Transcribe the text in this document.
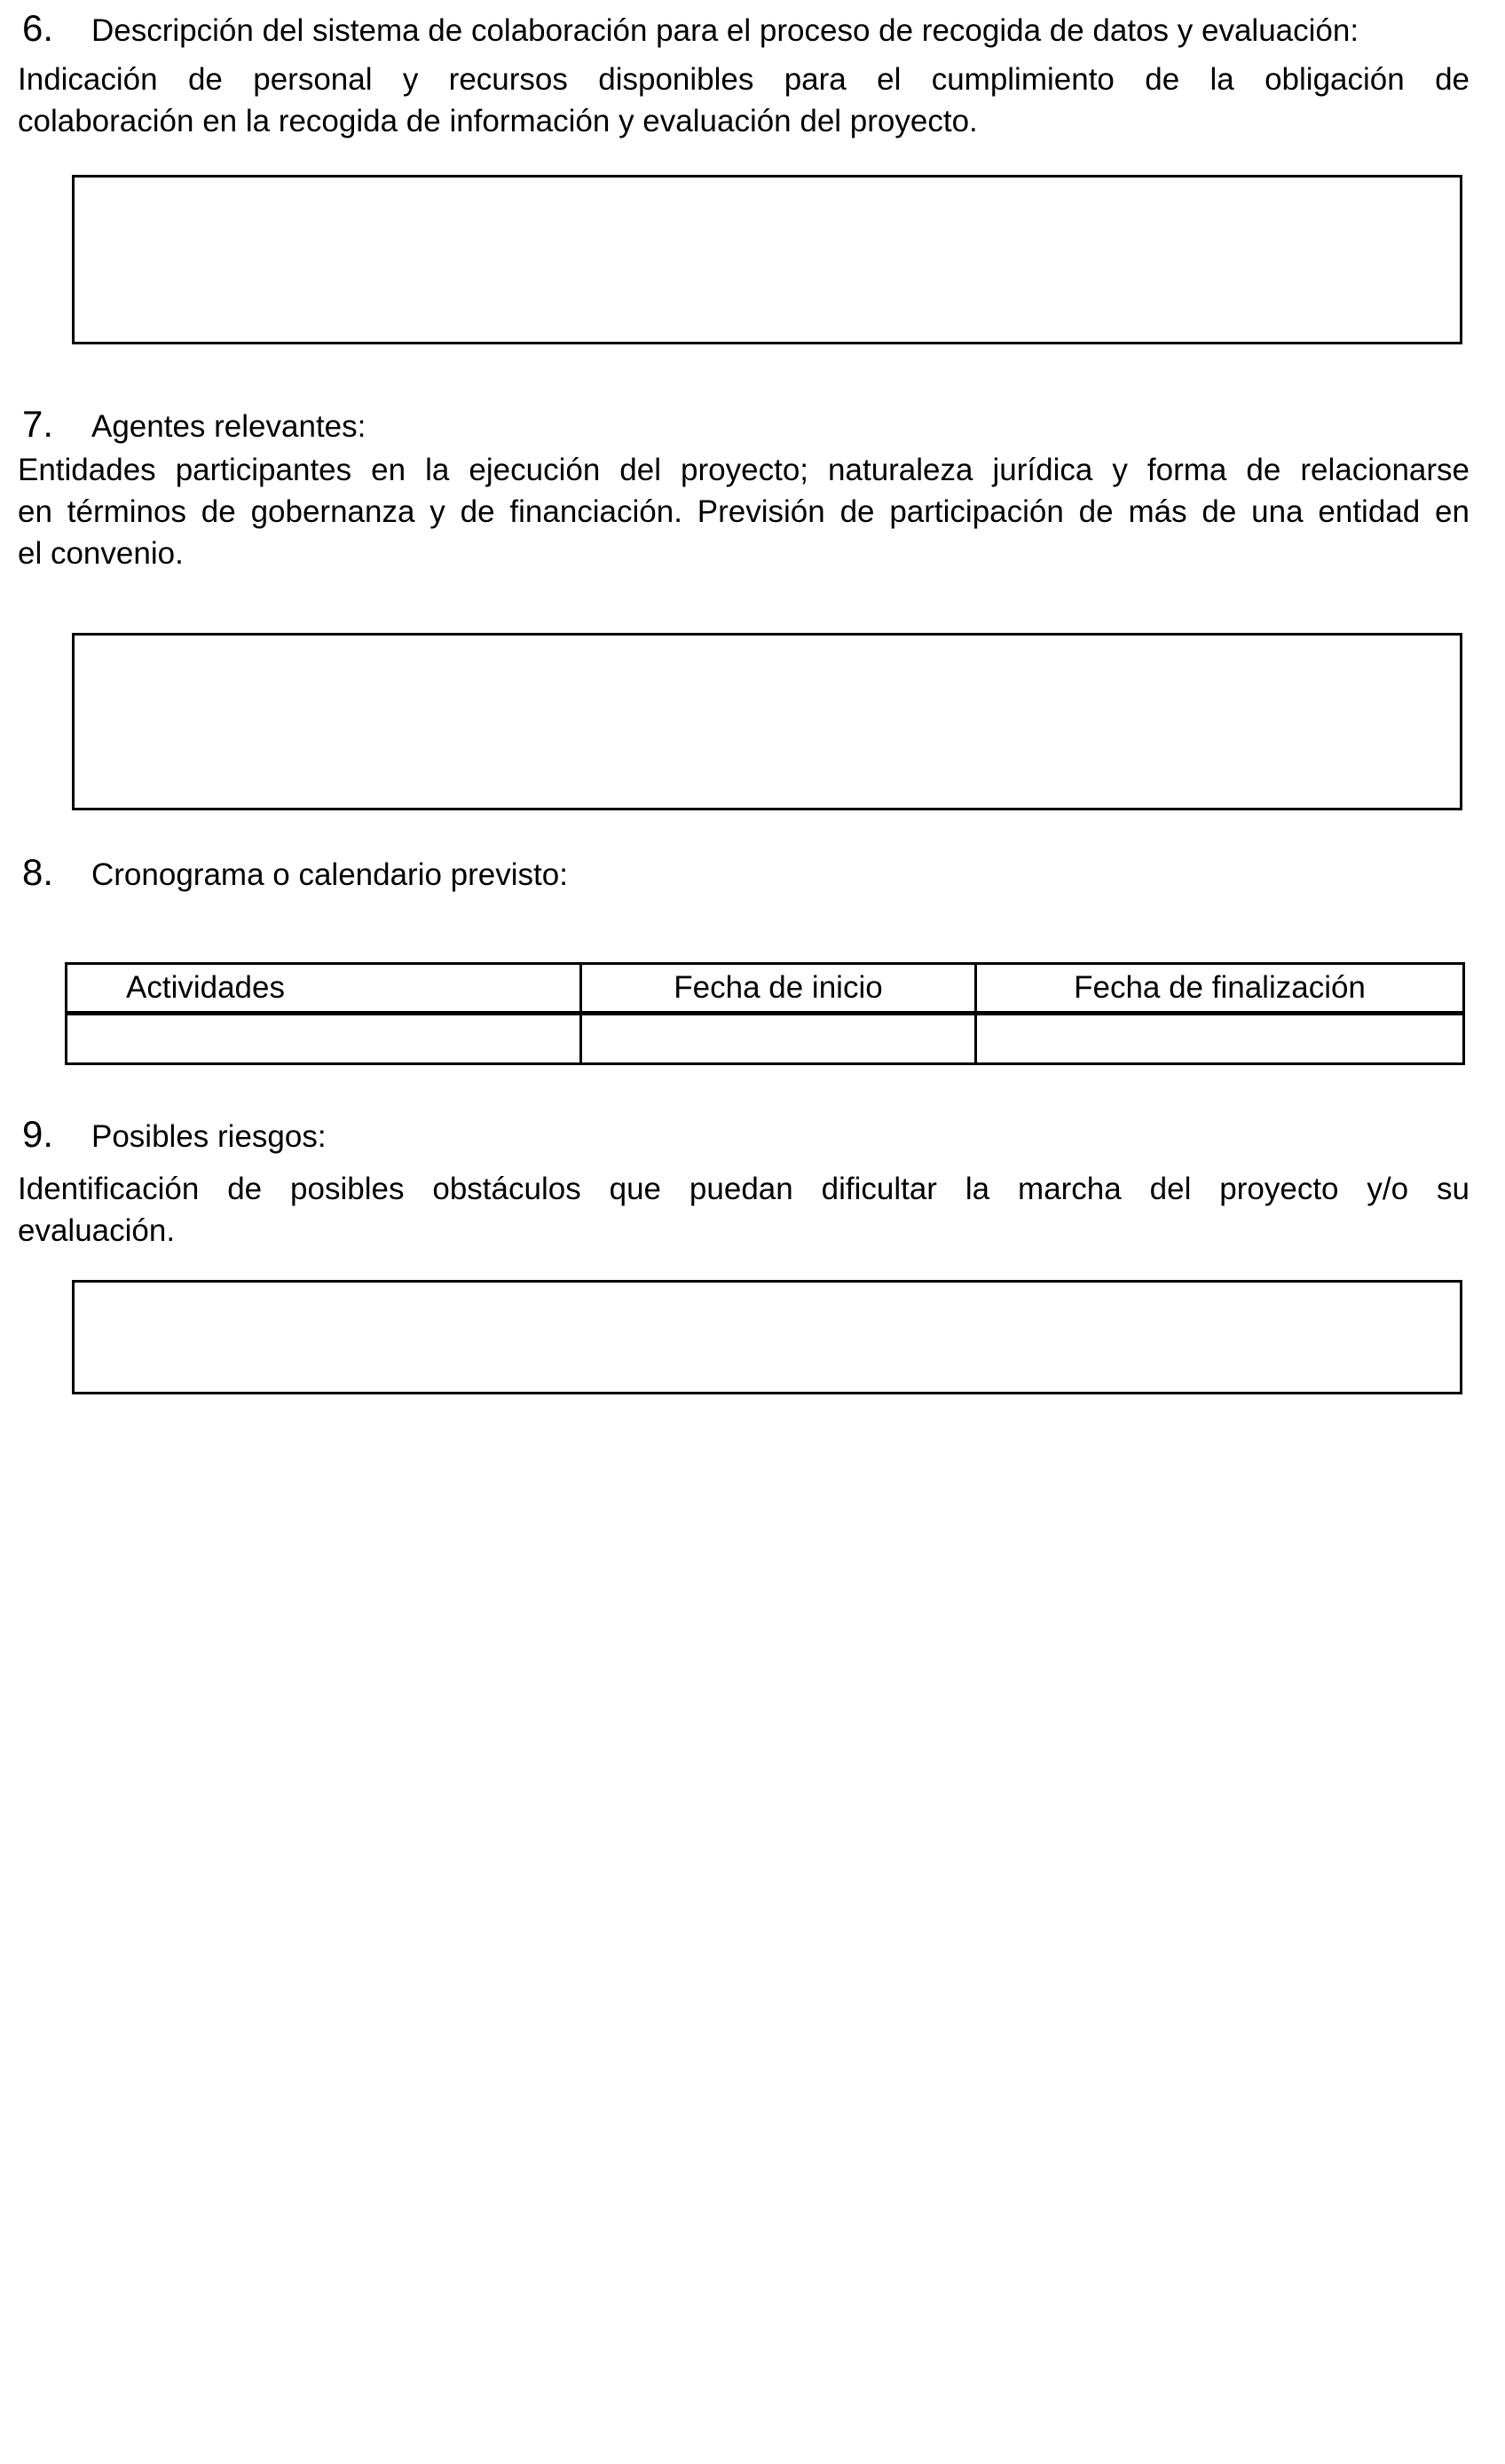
6. Descripción del sistema de colaboración para el proceso de recogida de datos y evaluación:
Indicación de personal y recursos disponibles para el cumplimiento de la obligación de
colaboración en la recogida de información y evaluación del proyecto.
7. Agentes relevantes:
Entidades participantes en la ejecución del proyecto; naturaleza jurídica y forma de relacionarse
en términos de gobernanza y de financiación. Previsión de participación de más de una entidad en
el convenio.
8. Cronograma o calendario previsto:
Actividades	Fecha de inicio	Fecha de finalización

9. Posibles riesgos:
Identificación de posibles obstáculos que puedan dificultar la marcha del proyecto y/o su
evaluación.
